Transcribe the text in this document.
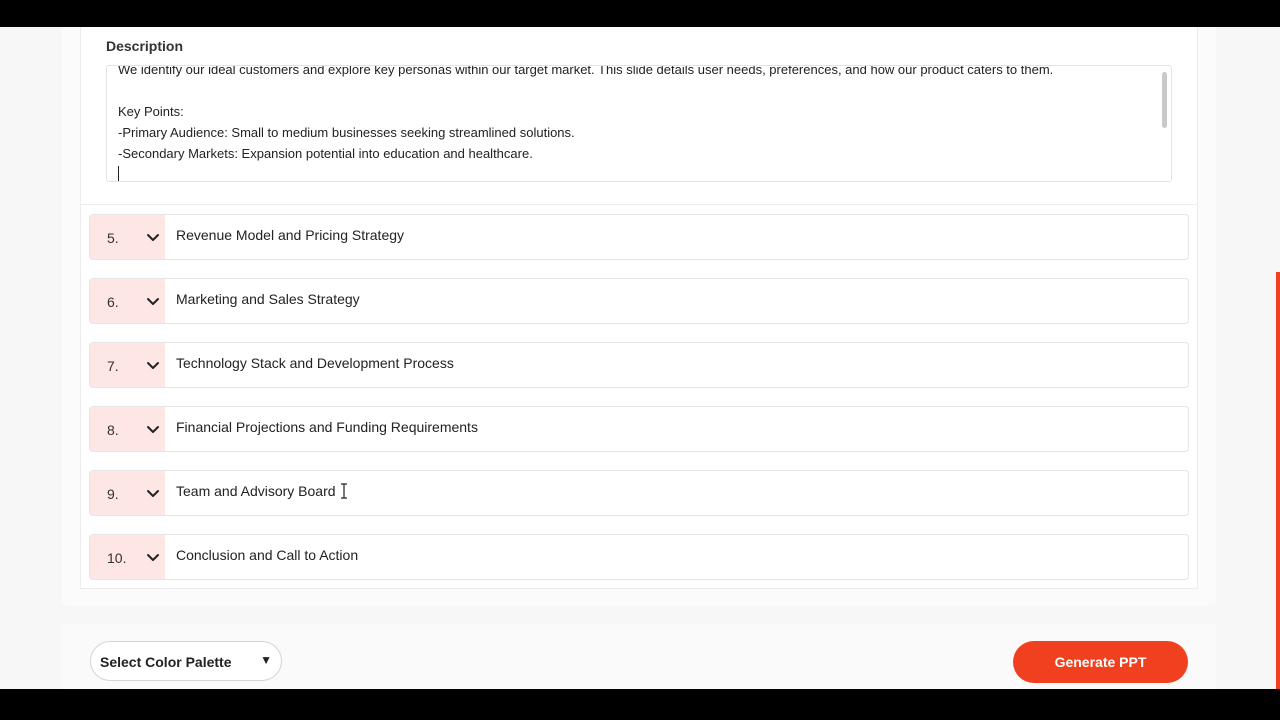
Description
We identify our ideal customers and explore key personas within our target market. This slide details user needs, preferences, and how our product caters to them.
Key Points:
-Primary Audience: Small to medium businesses seeking streamlined solutions.
-Secondary Markets: Expansion potential into education and healthcare.
5.	Revenue Model and Pricing Strategy
6.	Marketing and Sales Strategy
7.	Technology Stack and Development Process
8.	Financial Projections and Funding Requirements
9.	Team and Advisory Board
10.	Conclusion and Call to Action
Select Color Palette ▼	Generate PPT
